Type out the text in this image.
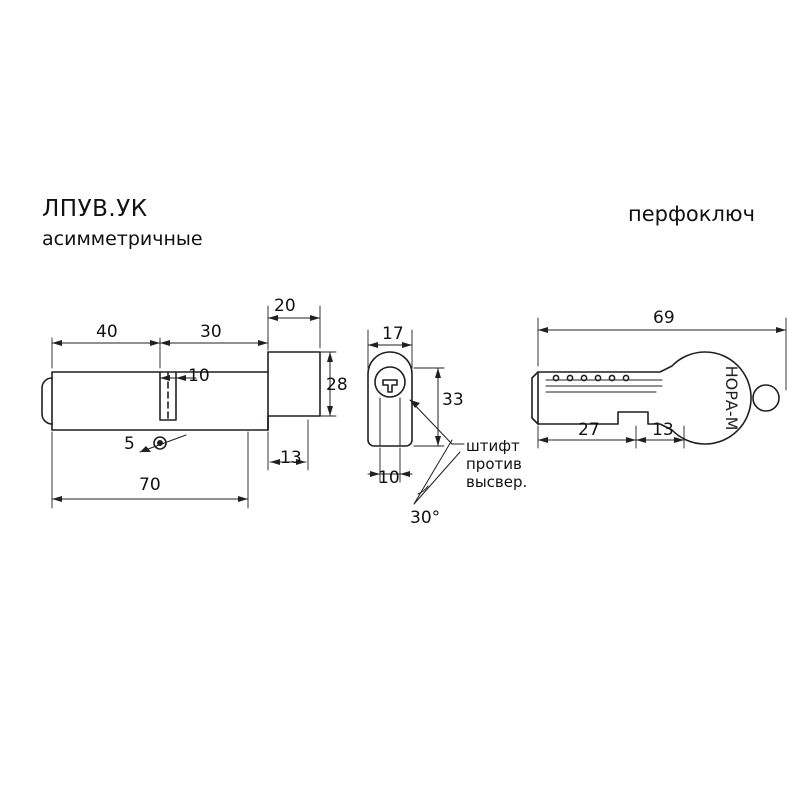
НОРА-М
ЛПУВ.УК
асимметричные
перфоключ
40	30
20
10	28
5
13
70
17
33
10
30°
штифт
против
высвер.
69
27	13
